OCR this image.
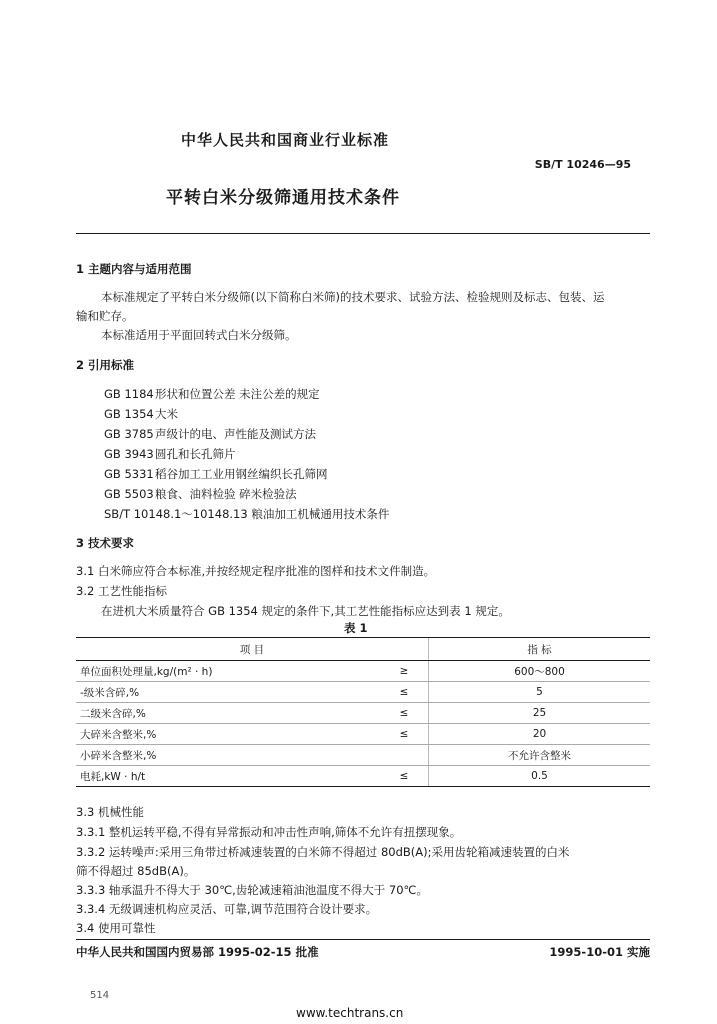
中华人民共和国商业行业标准
SB/T 10246—95
平转白米分级筛通用技术条件
1 主题内容与适用范围
本标准规定了平转白米分级筛(以下简称白米筛)的技术要求、试验方法、检验规则及标志、包装、运
输和贮存。
本标准适用于平面回转式白米分级筛。
2 引用标准
GB 1184形状和位置公差 未注公差的规定
GB 1354大米
GB 3785声级计的电、声性能及测试方法
GB 3943圆孔和长孔筛片
GB 5331稻谷加工工业用钢丝编织长孔筛网
GB 5503粮食、油料检验 碎米检验法
SB/T 10148.1～10148.13 粮油加工机械通用技术条件
3 技术要求
3.1 白米筛应符合本标准,并按经规定程序批准的图样和技术文件制造。
3.2 工艺性能指标
在进机大米质量符合 GB 1354 规定的条件下,其工艺性能指标应达到表 1 规定。
表 1
项 目		指 标
单位面积处理量,kg/(m² · h)	≥	600～800
-级米含碎,%	≤	5
二级米含碎,%	≤	25
大碎米含整米,%	≤	20
小碎米含整米,%		不允许含整米
电耗,kW · h/t	≤	0.5
3.3 机械性能
3.3.1 整机运转平稳,不得有异常振动和冲击性声响,筛体不允许有扭摆现象。
3.3.2 运转噪声:采用三角带过桥减速装置的白米筛不得超过 80dB(A);采用齿轮箱减速装置的白米
筛不得超过 85dB(A)。
3.3.3 轴承温升不得大于 30℃,齿轮减速箱油池温度不得大于 70℃。
3.3.4 无级调速机构应灵活、可靠,调节范围符合设计要求。
3.4 使用可靠性
中华人民共和国国内贸易部 1995-02-15 批准	1995-10-01 实施
514
www.techtrans.cn
